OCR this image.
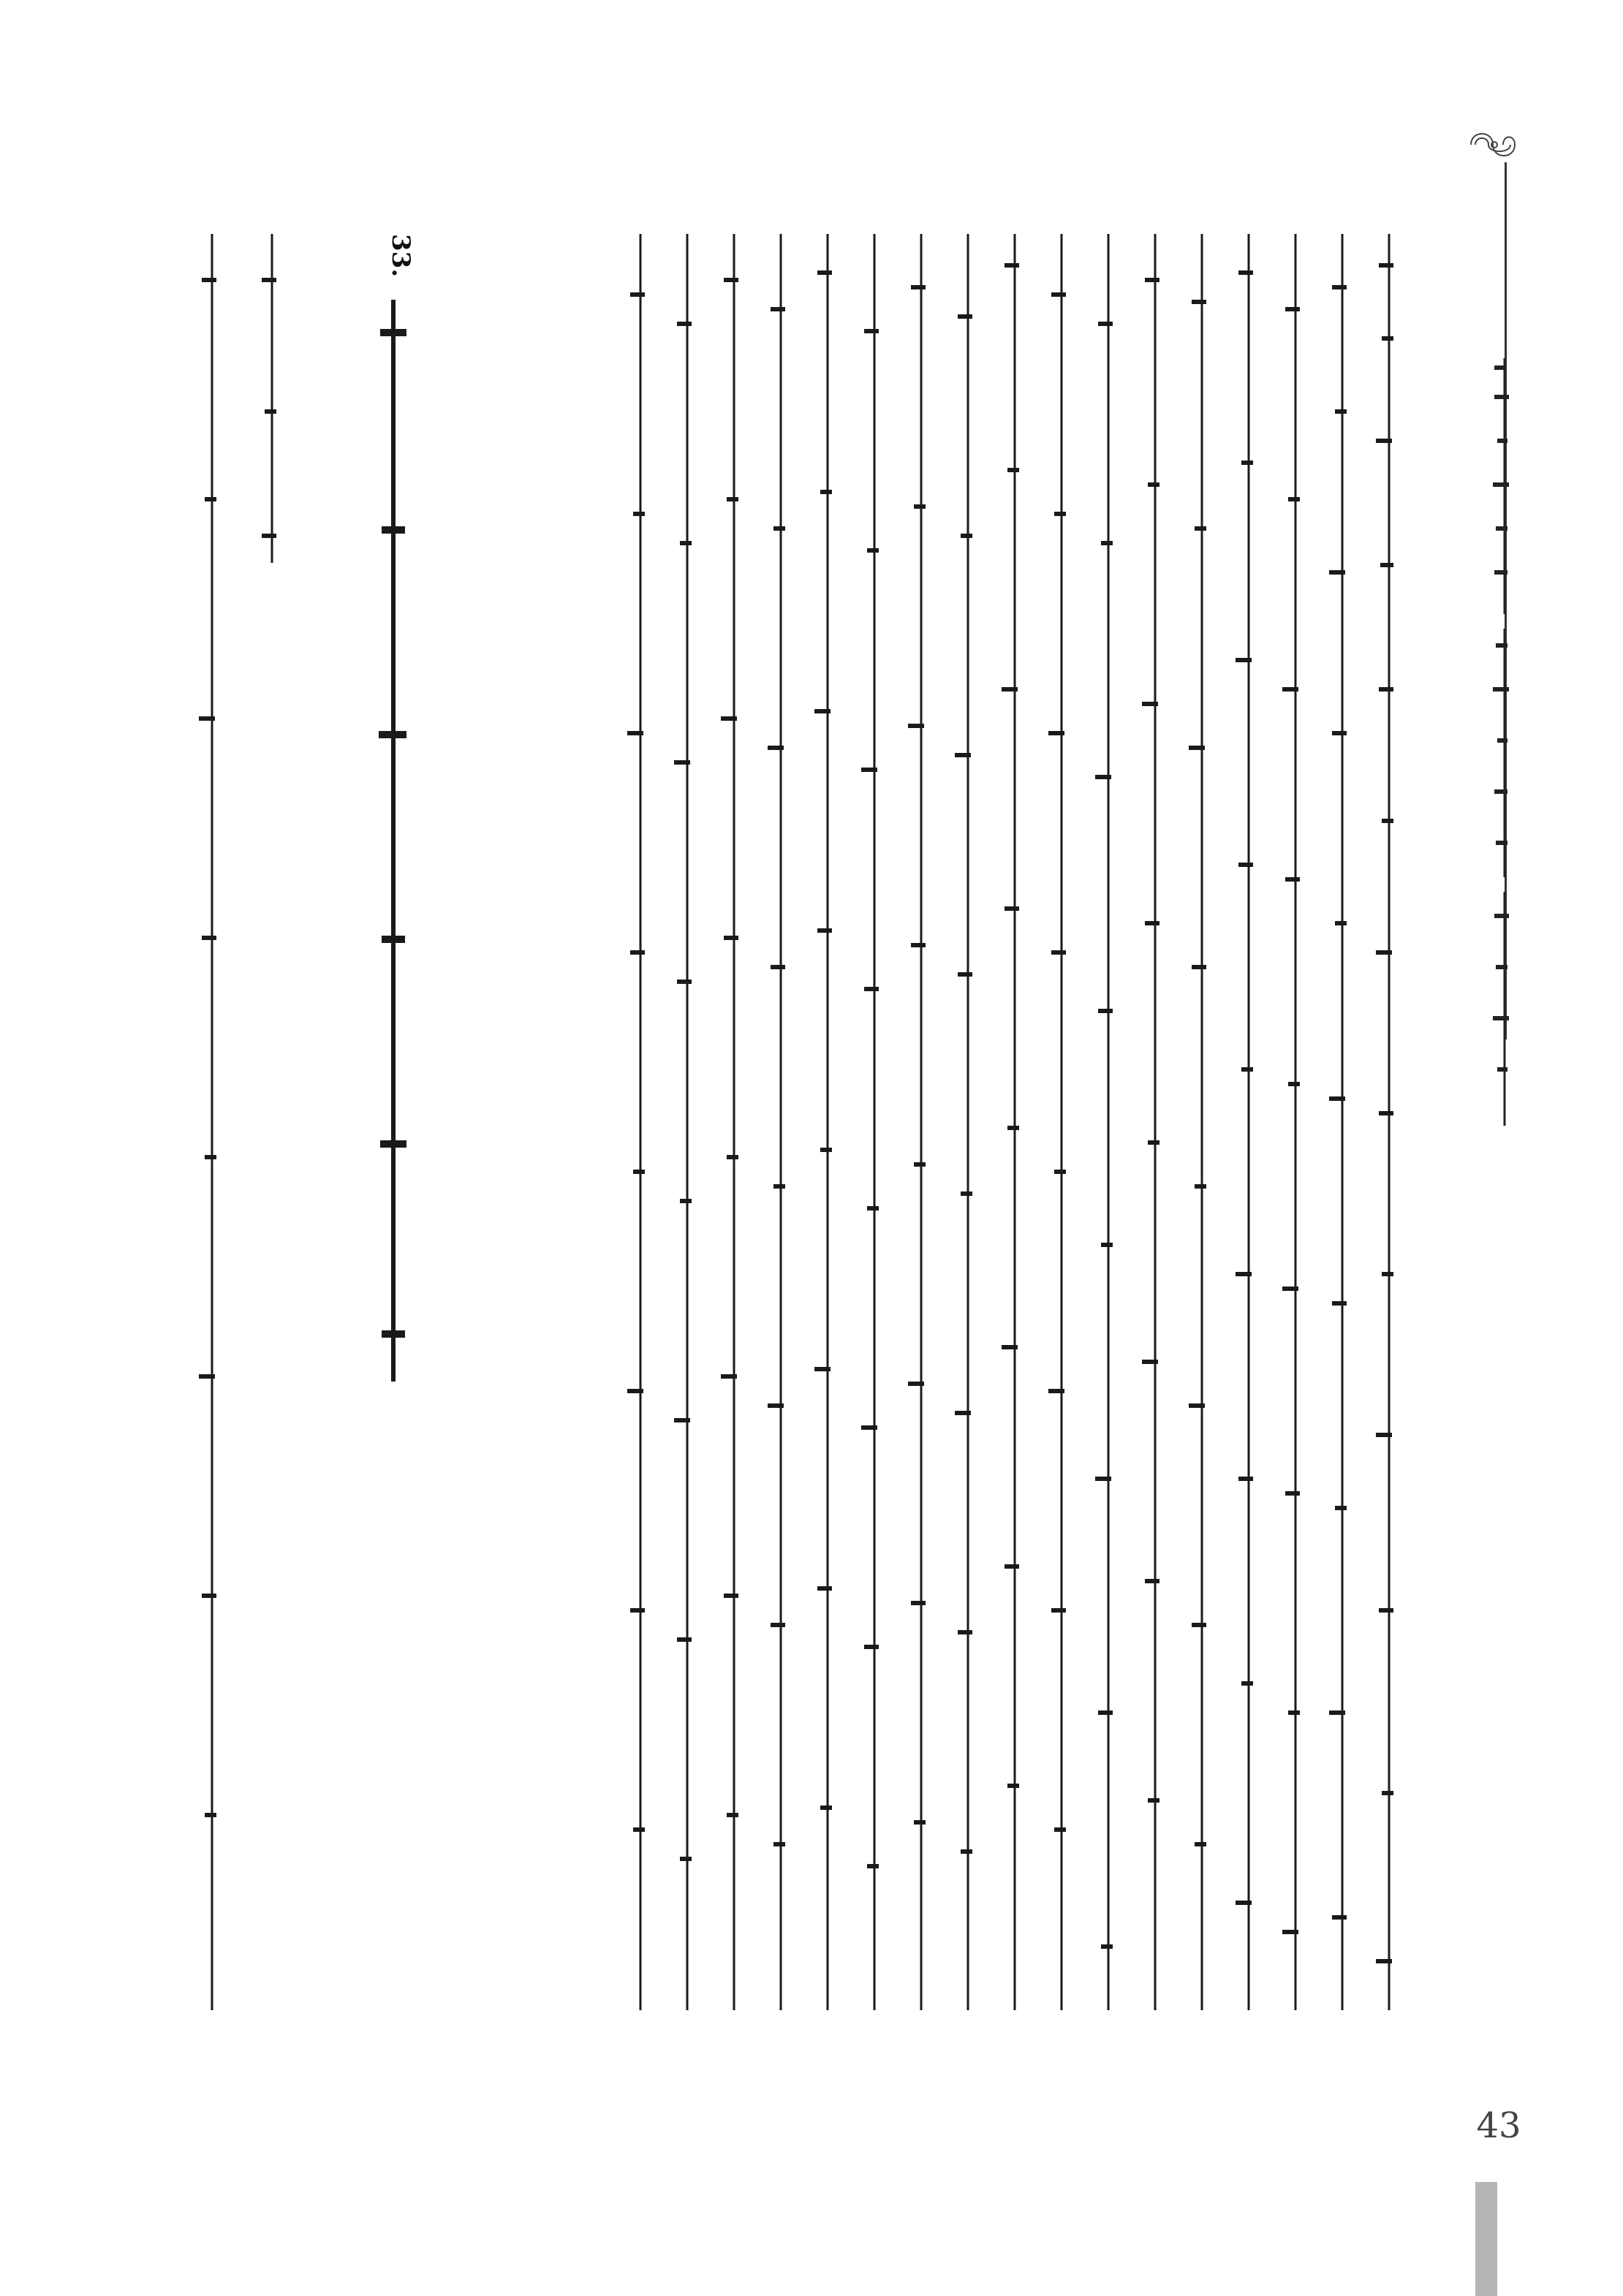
33.
43
